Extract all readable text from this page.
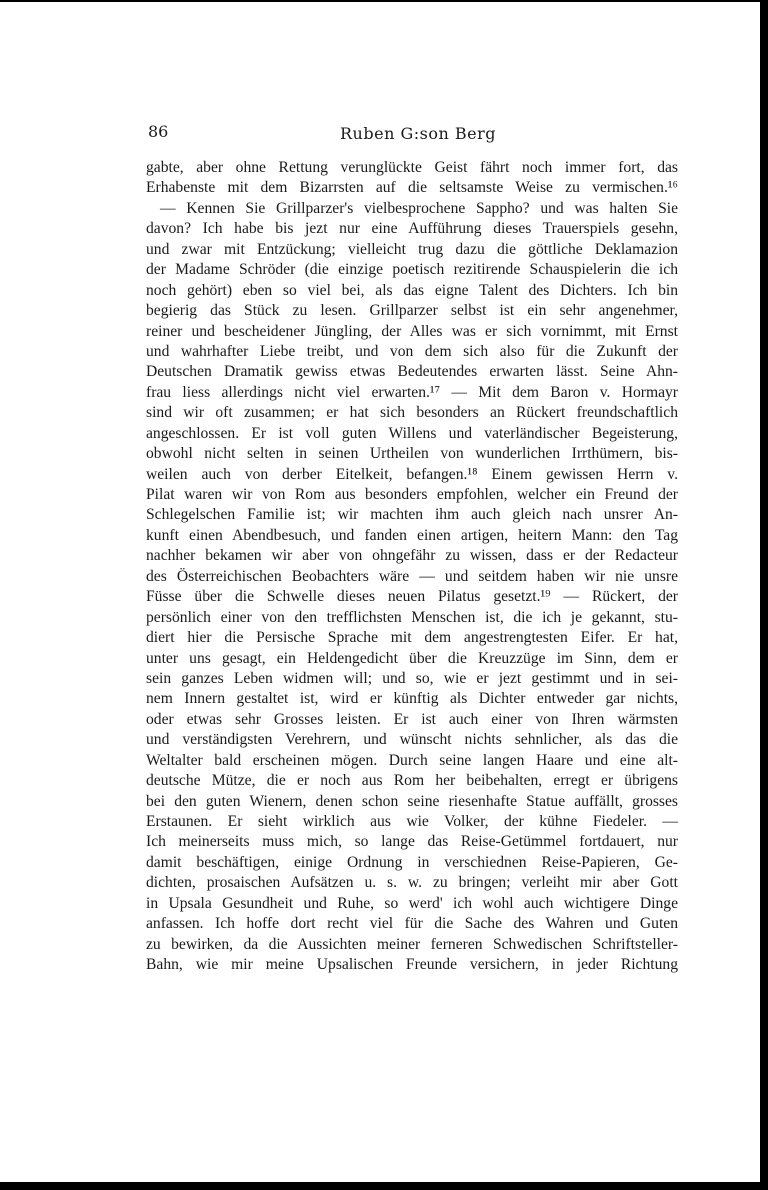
86	Ruben G:son Berg
gabte, aber ohne Rettung verunglückte Geist fährt noch immer fort, das
Erhabenste mit dem Bizarrsten auf die seltsamste Weise zu vermischen.¹⁶
— Kennen Sie Grillparzer's vielbesprochene Sappho? und was halten Sie
davon? Ich habe bis jezt nur eine Aufführung dieses Trauerspiels gesehn,
und zwar mit Entzückung; vielleicht trug dazu die göttliche Deklamazion
der Madame Schröder (die einzige poetisch rezitirende Schauspielerin die ich
noch gehört) eben so viel bei, als das eigne Talent des Dichters. Ich bin
begierig das Stück zu lesen. Grillparzer selbst ist ein sehr angenehmer,
reiner und bescheidener Jüngling, der Alles was er sich vornimmt, mit Ernst
und wahrhafter Liebe treibt, und von dem sich also für die Zukunft der
Deutschen Dramatik gewiss etwas Bedeutendes erwarten lässt. Seine Ahn-
frau liess allerdings nicht viel erwarten.¹⁷ — Mit dem Baron v. Hormayr
sind wir oft zusammen; er hat sich besonders an Rückert freundschaftlich
angeschlossen. Er ist voll guten Willens und vaterländischer Begeisterung,
obwohl nicht selten in seinen Urtheilen von wunderlichen Irrthümern, bis-
weilen auch von derber Eitelkeit, befangen.¹⁸ Einem gewissen Herrn v.
Pilat waren wir von Rom aus besonders empfohlen, welcher ein Freund der
Schlegelschen Familie ist; wir machten ihm auch gleich nach unsrer An-
kunft einen Abendbesuch, und fanden einen artigen, heitern Mann: den Tag
nachher bekamen wir aber von ohngefähr zu wissen, dass er der Redacteur
des Österreichischen Beobachters wäre — und seitdem haben wir nie unsre
Füsse über die Schwelle dieses neuen Pilatus gesetzt.¹⁹ — Rückert, der
persönlich einer von den trefflichsten Menschen ist, die ich je gekannt, stu-
diert hier die Persische Sprache mit dem angestrengtesten Eifer. Er hat,
unter uns gesagt, ein Heldengedicht über die Kreuzzüge im Sinn, dem er
sein ganzes Leben widmen will; und so, wie er jezt gestimmt und in sei-
nem Innern gestaltet ist, wird er künftig als Dichter entweder gar nichts,
oder etwas sehr Grosses leisten. Er ist auch einer von Ihren wärmsten
und verständigsten Verehrern, und wünscht nichts sehnlicher, als das die
Weltalter bald erscheinen mögen. Durch seine langen Haare und eine alt-
deutsche Mütze, die er noch aus Rom her beibehalten, erregt er übrigens
bei den guten Wienern, denen schon seine riesenhafte Statue auffällt, grosses
Erstaunen. Er sieht wirklich aus wie Volker, der kühne Fiedeler. —
Ich meinerseits muss mich, so lange das Reise-Getümmel fortdauert, nur
damit beschäftigen, einige Ordnung in verschiednen Reise-Papieren, Ge-
dichten, prosaischen Aufsätzen u. s. w. zu bringen; verleiht mir aber Gott
in Upsala Gesundheit und Ruhe, so werd' ich wohl auch wichtigere Dinge
anfassen. Ich hoffe dort recht viel für die Sache des Wahren und Guten
zu bewirken, da die Aussichten meiner ferneren Schwedischen Schriftsteller-
Bahn, wie mir meine Upsalischen Freunde versichern, in jeder Richtung
